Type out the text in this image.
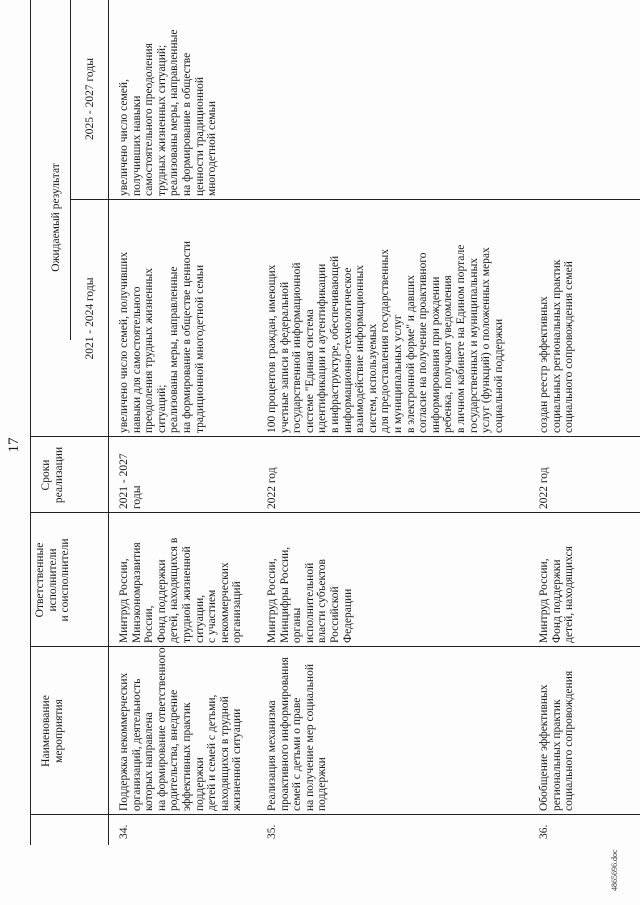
17
Наименование
мероприятия
Ответственные
исполнители
и соисполнители
Сроки
реализации
Ожидаемый результат
2021 - 2024 годы
2025 - 2027 годы
34.
Поддержка некоммерческих
организаций, деятельность
которых направлена
на формирование ответственного
родительства, внедрение
эффективных практик поддержки
детей и семей с детьми,
находящихся в трудной
жизненной ситуации
Минтруд России,
Минэкономразвития
России,
Фонд поддержки
детей, находящихся в
трудной жизненной
ситуации,
с участием
некоммерческих
организаций
2021 - 2027 годы
увеличено число семей, получивших
навыки для самостоятельного
преодоления трудных жизненных
ситуаций;
реализованы меры, направленные
на формирование в обществе ценности
традиционной многодетной семьи
увеличено число семей,
получивших навыки
самостоятельного преодоления
трудных жизненных ситуаций;
реализованы меры, направленные
на формирование в обществе
ценности традиционной
многодетной семьи
35.
Реализация механизма
проактивного информирования
семей с детьми о праве
на получение мер социальной
поддержки
Минтруд России,
Минцифры России,
органы
исполнительной
власти субъектов
Российской
Федерации
2022 год
100 процентов граждан, имеющих
учетные записи в федеральной
государственной информационной
системе "Единая система
идентификации и аутентификации
в инфраструктуре, обеспечивающей
информационно-технологическое
взаимодействие информационных
систем, используемых
для предоставления государственных
и муниципальных услуг
в электронной форме" и давших
согласие на получение проактивного
информирования при рождении
ребенка, получают уведомления
в личном кабинете на Едином портале
государственных и муниципальных
услуг (функций) о положенных мерах
социальной поддержки
36.
Обобщение эффективных
региональных практик
социального сопровождения
Минтруд России,
Фонд поддержки
детей, находящихся
2022 год
создан реестр эффективных
социальных региональных практик
социального сопровождения семей
4865696.doc
